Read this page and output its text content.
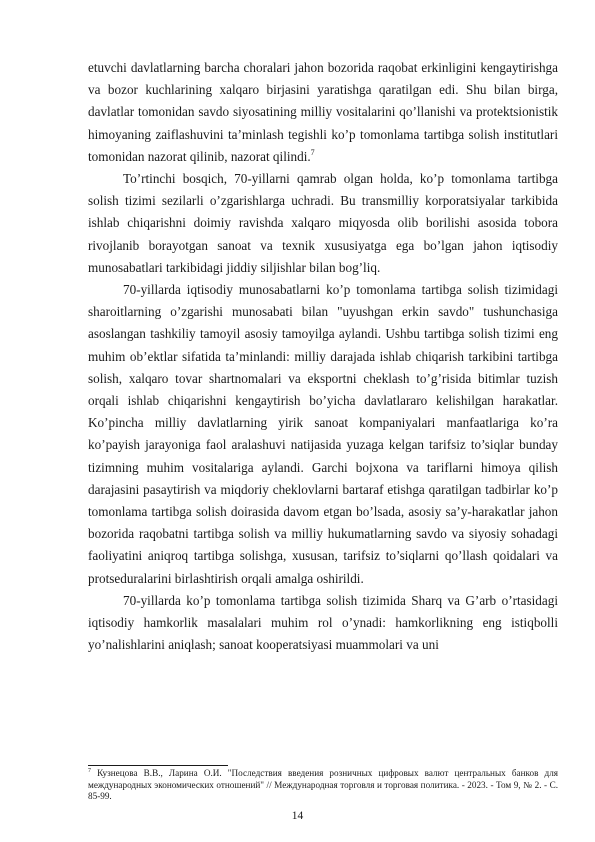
etuvchi davlatlarning barcha choralari jahon bozorida raqobat erkinligini kengaytirishga va bozor kuchlarining xalqaro birjasini yaratishga qaratilgan edi. Shu bilan birga, davlatlar tomonidan savdo siyosatining milliy vositalarini qo’llanishi va protektsionistik himoyaning zaiflashuvini ta’minlash tegishli ko’p tomonlama tartibga solish institutlari tomonidan nazorat qilinib, nazorat qilindi.$^7$

To’rtinchi bosqich, 70-yillarni qamrab olgan holda, ko’p tomonlama tartibga solish tizimi sezilarli o’zgarishlarga uchradi. Bu transmilliy korporatsiyalar tarkibida ishlab chiqarishni doimiy ravishda xalqaro miqyosda olib borilishi asosida tobora rivojlanib borayotgan sanoat va texnik xususiyatga ega bo’lgan jahon iqtisodiy munosabatlari tarkibidagi jiddiy siljishlar bilan bog’liq.

70-yillarda iqtisodiy munosabatlarni ko’p tomonlama tartibga solish tizimidagi sharoitlarning o’zgarishi munosabati bilan "uyushgan erkin savdo" tushunchasiga asoslangan tashkiliy tamoyil asosiy tamoyilga aylandi. Ushbu tartibga solish tizimi eng muhim ob’ektlar sifatida ta’minlandi: milliy darajada ishlab chiqarish tarkibini tartibga solish, xalqaro tovar shartnomalari va eksportni cheklash to’g’risida bitimlar tuzish orqali ishlab chiqarishni kengaytirish bo’yicha davlatlararo kelishilgan harakatlar. Ko’pincha milliy davlatlarning yirik sanoat kompaniyalari manfaatlariga ko’ra ko’payish jarayoniga faol aralashuvi natijasida yuzaga kelgan tarifsiz to’siqlar bunday tizimning muhim vositalariga aylandi. Garchi bojxona va tariflarni himoya qilish darajasini pasaytirish va miqdoriy cheklovlarni bartaraf etishga qaratilgan tadbirlar ko’p tomonlama tartibga solish doirasida davom etgan bo’lsada, asosiy sa’y-harakatlar jahon bozorida raqobatni tartibga solish va milliy hukumatlarning savdo va siyosiy sohadagi faoliyatini aniqroq tartibga solishga, xususan, tarifsiz to’siqlarni qo’llash qoidalari va protseduralarini birlashtirish orqali amalga oshirildi.

70-yillarda ko’p tomonlama tartibga solish tizimida Sharq va G’arb o’rtasidagi iqtisodiy hamkorlik masalalari muhim rol o’ynadi: hamkorlikning eng istiqbolli yo’nalishlarini aniqlash; sanoat kooperatsiyasi muammolari va uni

$^7$ Кузнецова В.В., Ларина О.И. "Последствия введения розничных цифровых валют центральных банков для международных экономических отношений" // Международная торговля и торговая политика. - 2023. - Том 9, № 2. - С. 85-99.

14
